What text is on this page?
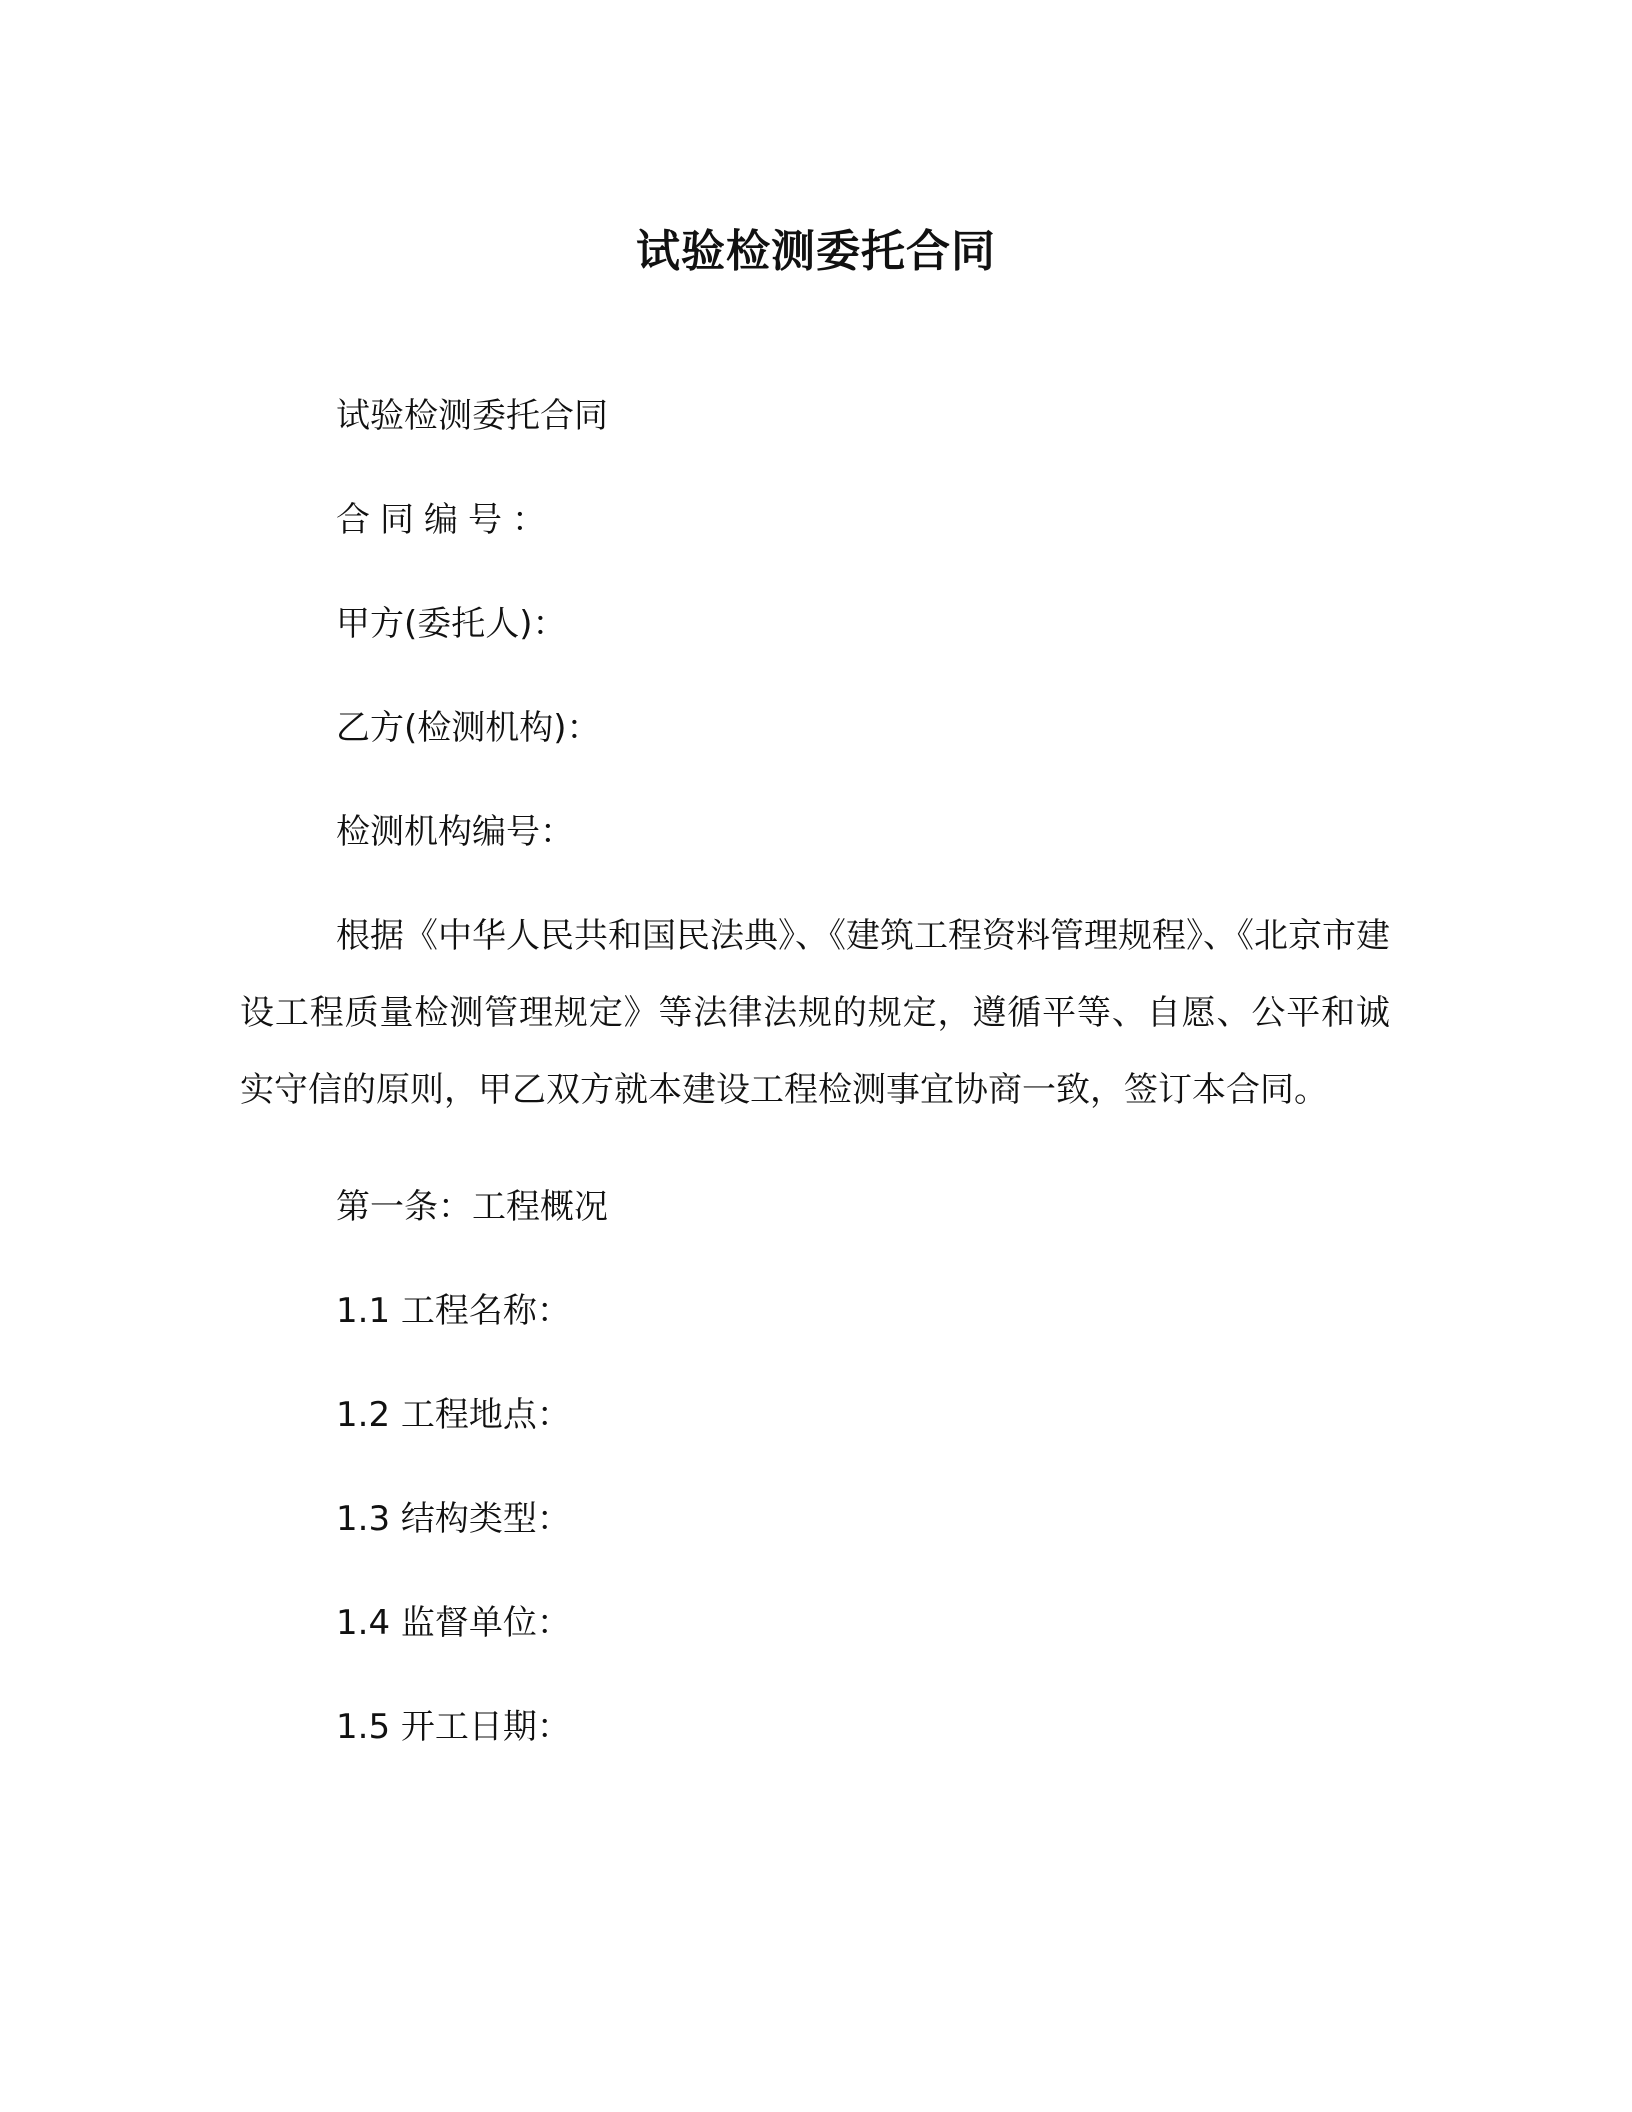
试验检测委托合同

试验检测委托合同

合同编号：

甲方(委托人)：

乙方(检测机构)：

检测机构编号：

根据《中华人民共和国民法典》、《建筑工程资料管理规程》、《北京市建设工程质量检测管理规定》等法律法规的规定，遵循平等、自愿、公平和诚实守信的原则，甲乙双方就本建设工程检测事宜协商一致，签订本合同。

第一条：工程概况

1.1 工程名称：

1.2 工程地点：

1.3 结构类型：

1.4 监督单位：

1.5 开工日期：
